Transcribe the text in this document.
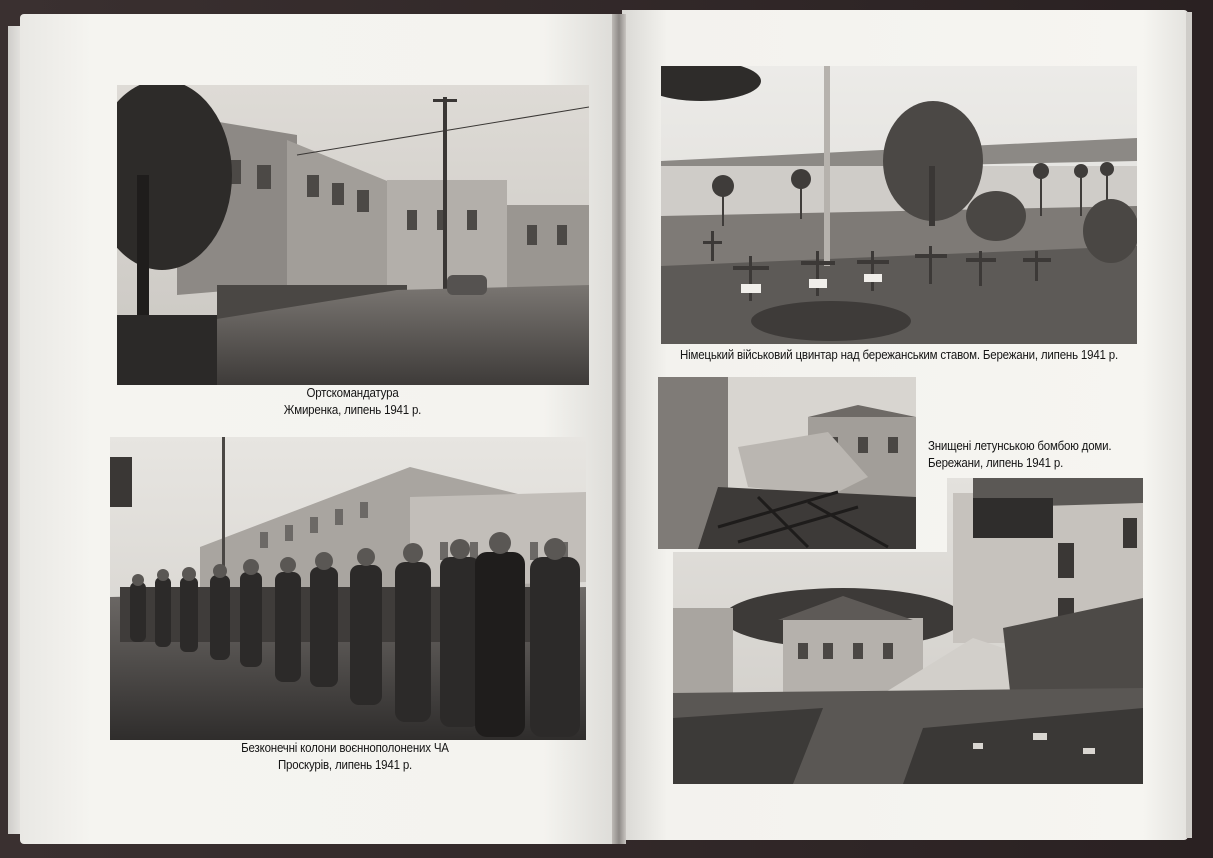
Ортскомандатура
Жмиренка, липень 1941 р.
Безконечні колони воєннополонених ЧА
Проскурів, липень 1941 р.
Німецький військовий цвинтар над бережанським ставом. Бережани, липень 1941 р.
Знищені летунською бомбою доми.
Бережани, липень 1941 р.
